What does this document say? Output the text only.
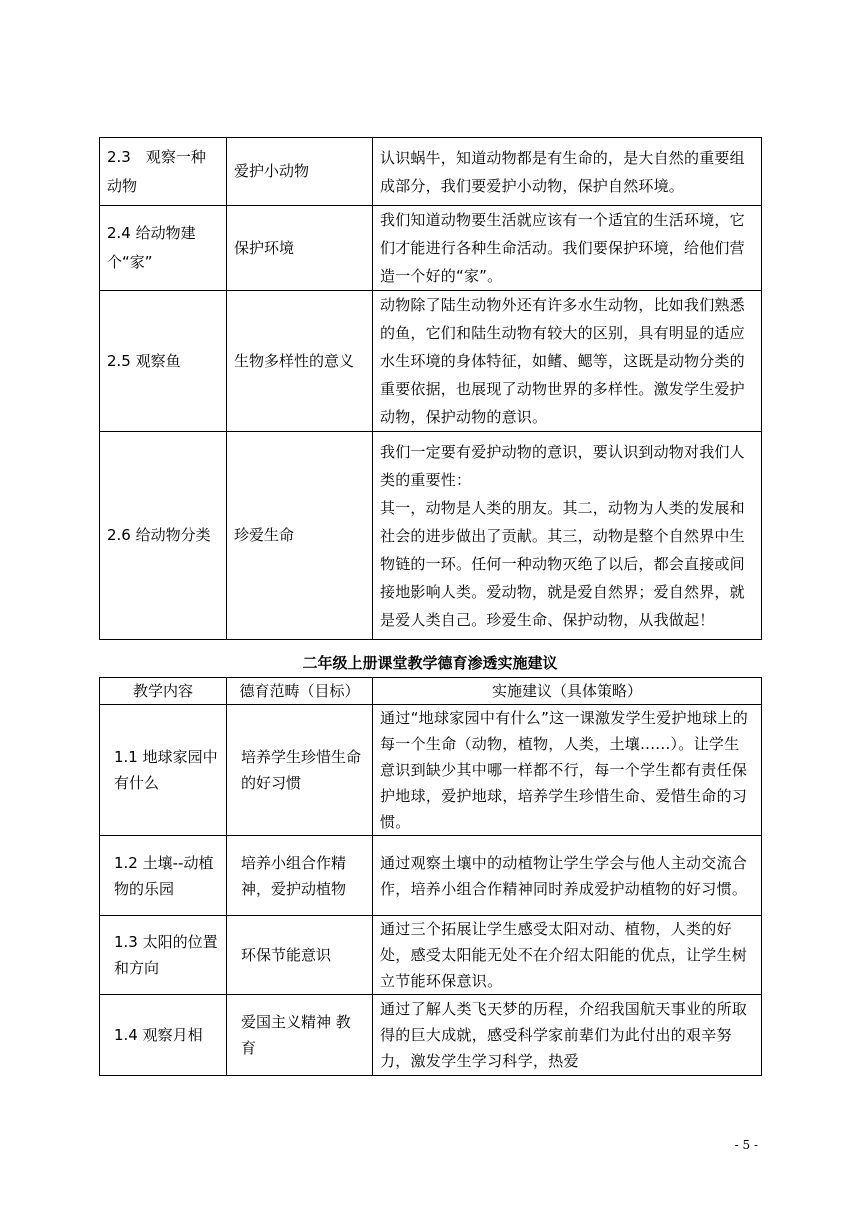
2.3　观察一种动物	爱护小动物	认识蜗牛，知道动物都是有生命的，是大自然的重要组成部分，我们要爱护小动物，保护自然环境。
2.4 给动物建个“家”	保护环境	我们知道动物要生活就应该有一个适宜的生活环境，它们才能进行各种生命活动。我们要保护环境，给他们营造一个好的“家”。
2.5 观察鱼	生物多样性的意义	动物除了陆生动物外还有许多水生动物，比如我们熟悉的鱼，它们和陆生动物有较大的区别，具有明显的适应水生环境的身体特征，如鳍、鳃等，这既是动物分类的重要依据，也展现了动物世界的多样性。激发学生爱护动物，保护动物的意识。
2.6 给动物分类	珍爱生命	我们一定要有爱护动物的意识，要认识到动物对我们人类的重要性：
其一，动物是人类的朋友。其二，动物为人类的发展和社会的进步做出了贡献。其三，动物是整个自然界中生物链的一环。任何一种动物灭绝了以后，都会直接或间接地影响人类。爱动物，就是爱自然界；爱自然界，就是爱人类自己。珍爱生命、保护动物，从我做起！
二年级上册课堂教学德育渗透实施建议
教学内容	德育范畴（目标）	实施建议（具体策略）
1.1 地球家园中有什么	培养学生珍惜生命的好习惯	通过“地球家园中有什么”这一课激发学生爱护地球上的每一个生命（动物，植物，人类，土壤......）。让学生意识到缺少其中哪一样都不行，每一个学生都有责任保护地球，爱护地球，培养学生珍惜生命、爱惜生命的习惯。
1.2 土壤--动植物的乐园	培养小组合作精神，爱护动植物	通过观察土壤中的动植物让学生学会与他人主动交流合作，培养小组合作精神同时养成爱护动植物的好习惯。
1.3 太阳的位置和方向	环保节能意识	通过三个拓展让学生感受太阳对动、植物，人类的好处，感受太阳能无处不在介绍太阳能的优点，让学生树立节能环保意识。
1.4 观察月相	爱国主义精神 教育	通过了解人类飞天梦的历程，介绍我国航天事业的所取得的巨大成就，感受科学家前辈们为此付出的艰辛努力，激发学生学习科学，热爱
- 5 -
